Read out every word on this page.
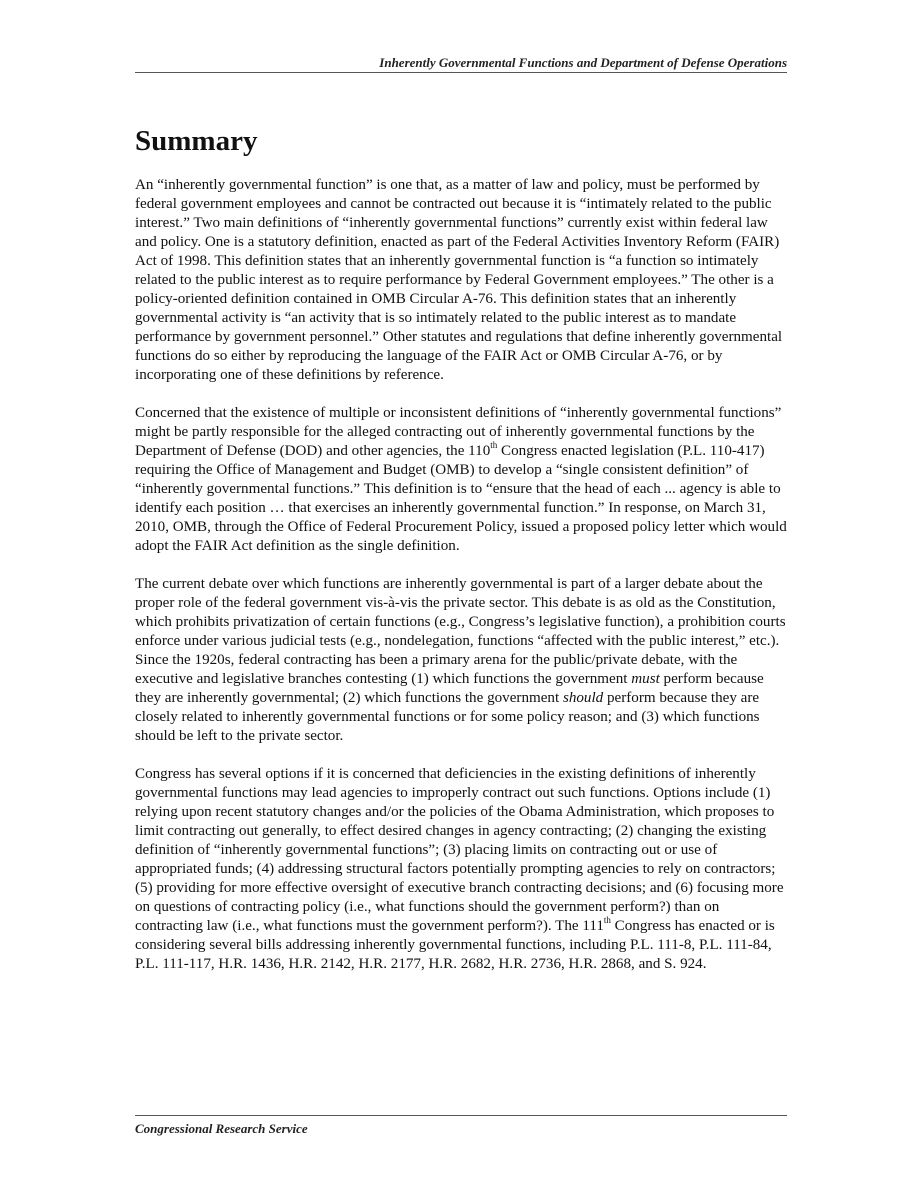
Inherently Governmental Functions and Department of Defense Operations
Summary

An “inherently governmental function” is one that, as a matter of law and policy, must be performed by federal government employees and cannot be contracted out because it is “intimately related to the public interest.” Two main definitions of “inherently governmental functions” currently exist within federal law and policy. One is a statutory definition, enacted as part of the Federal Activities Inventory Reform (FAIR) Act of 1998. This definition states that an inherently governmental function is “a function so intimately related to the public interest as to require performance by Federal Government employees.” The other is a policy-oriented definition contained in OMB Circular A-76. This definition states that an inherently governmental activity is “an activity that is so intimately related to the public interest as to mandate performance by government personnel.” Other statutes and regulations that define inherently governmental functions do so either by reproducing the language of the FAIR Act or OMB Circular A-76, or by incorporating one of these definitions by reference.

Concerned that the existence of multiple or inconsistent definitions of “inherently governmental functions” might be partly responsible for the alleged contracting out of inherently governmental functions by the Department of Defense (DOD) and other agencies, the 110th Congress enacted legislation (P.L. 110-417) requiring the Office of Management and Budget (OMB) to develop a “single consistent definition” of “inherently governmental functions.” This definition is to “ensure that the head of each ... agency is able to identify each position … that exercises an inherently governmental function.” In response, on March 31, 2010, OMB, through the Office of Federal Procurement Policy, issued a proposed policy letter which would adopt the FAIR Act definition as the single definition.

The current debate over which functions are inherently governmental is part of a larger debate about the proper role of the federal government vis-à-vis the private sector. This debate is as old as the Constitution, which prohibits privatization of certain functions (e.g., Congress’s legislative function), a prohibition courts enforce under various judicial tests (e.g., nondelegation, functions “affected with the public interest,” etc.). Since the 1920s, federal contracting has been a primary arena for the public/private debate, with the executive and legislative branches contesting (1) which functions the government must perform because they are inherently governmental; (2) which functions the government should perform because they are closely related to inherently governmental functions or for some policy reason; and (3) which functions should be left to the private sector.

Congress has several options if it is concerned that deficiencies in the existing definitions of inherently governmental functions may lead agencies to improperly contract out such functions. Options include (1) relying upon recent statutory changes and/or the policies of the Obama Administration, which proposes to limit contracting out generally, to effect desired changes in agency contracting; (2) changing the existing definition of “inherently governmental functions”; (3) placing limits on contracting out or use of appropriated funds; (4) addressing structural factors potentially prompting agencies to rely on contractors; (5) providing for more effective oversight of executive branch contracting decisions; and (6) focusing more on questions of contracting policy (i.e., what functions should the government perform?) than on contracting law (i.e., what functions must the government perform?). The 111th Congress has enacted or is considering several bills addressing inherently governmental functions, including P.L. 111-8, P.L. 111-84, P.L. 111-117, H.R. 1436, H.R. 2142, H.R. 2177, H.R. 2682, H.R. 2736, H.R. 2868, and S. 924.

Congressional Research Service
